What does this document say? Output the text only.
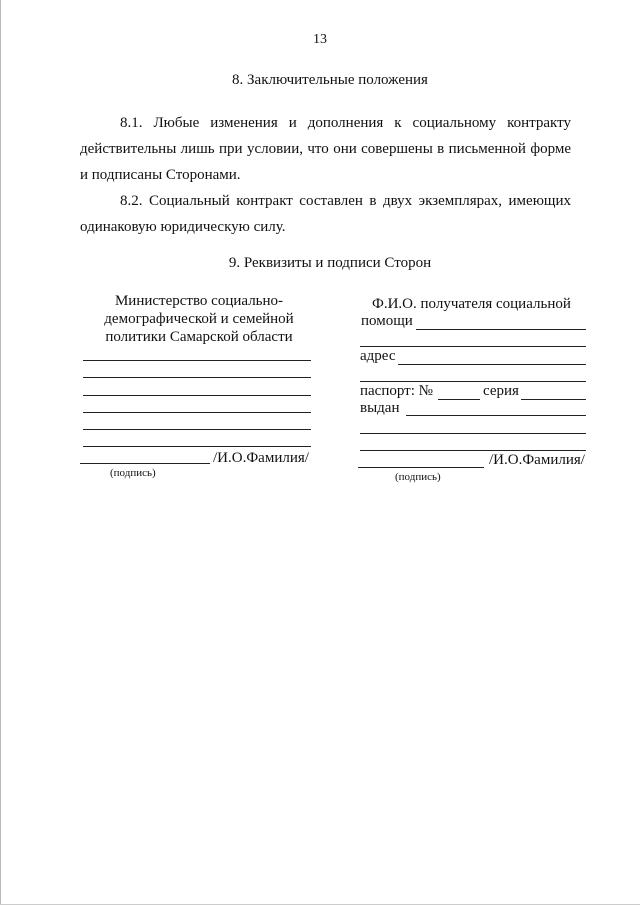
13
8. Заключительные положения
8.1. Любые изменения и дополнения к социальному контракту
действительны лишь при условии, что они совершены в письменной форме
и подписаны Сторонами.
8.2. Социальный контракт составлен в двух экземплярах, имеющих
одинаковую юридическую силу.
9. Реквизиты и подписи Сторон
Министерство социально-
демографической и семейной
политики Самарской области
/И.О.Фамилия/
(подпись)
Ф.И.О. получателя социальной
помощи
адрес
паспорт: №	серия
выдан
/И.О.Фамилия/
(подпись)
